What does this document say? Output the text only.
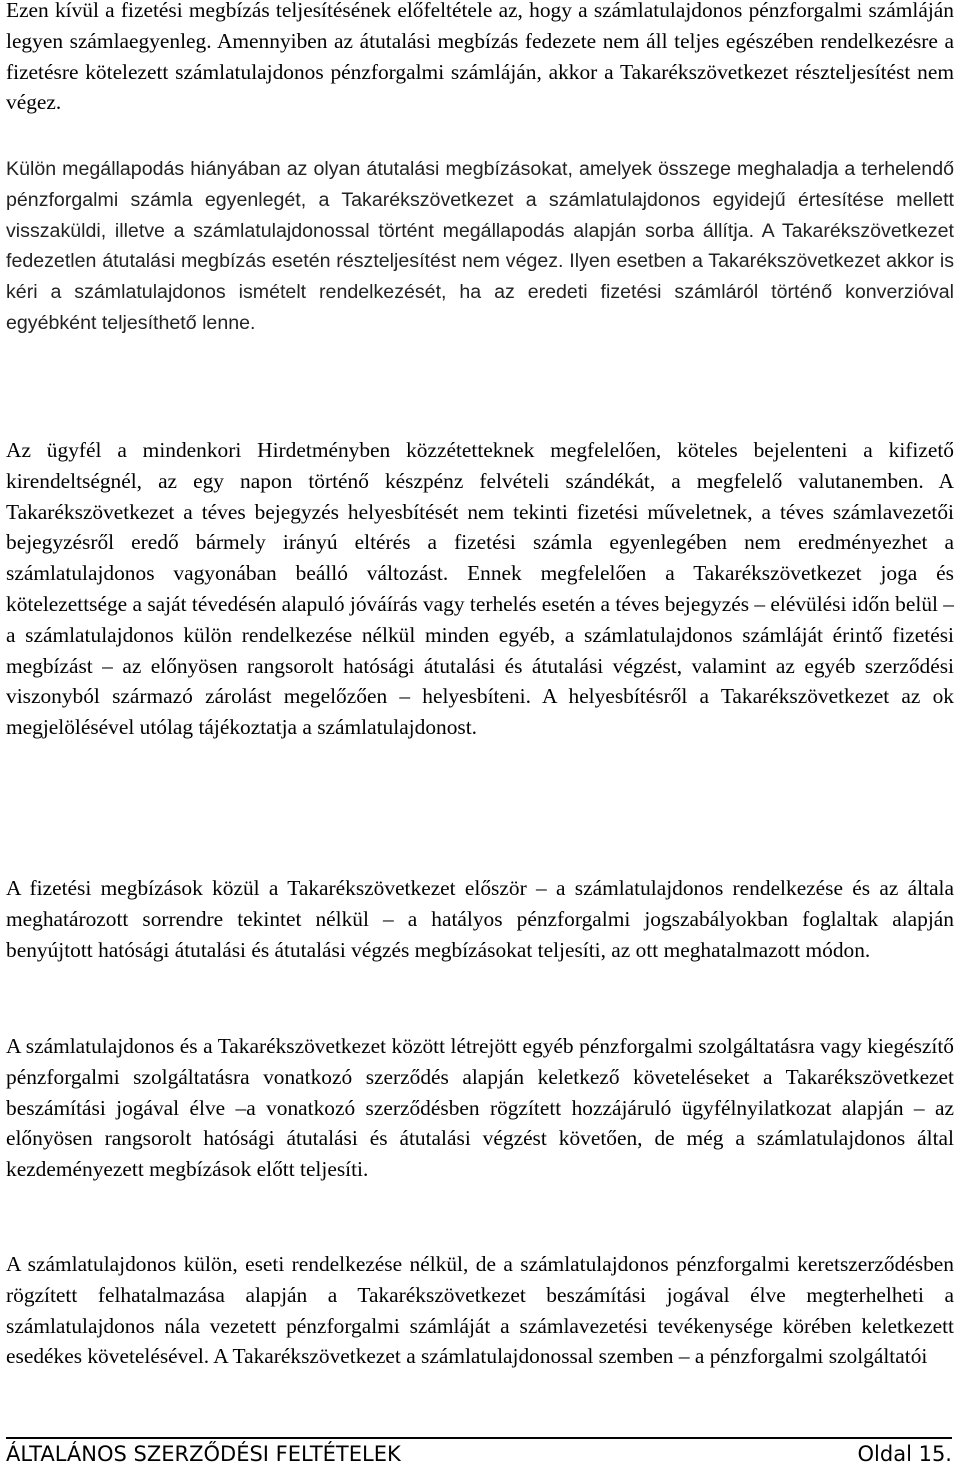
Ezen kívül a fizetési megbízás teljesítésének előfeltétele az, hogy a számlatulajdonos pénzforgalmi számláján legyen számlaegyenleg. Amennyiben az átutalási megbízás fedezete nem áll teljes egészében rendelkezésre a fizetésre kötelezett számlatulajdonos pénzforgalmi számláján, akkor a Takarékszövetkezet részteljesítést nem végez.

Külön megállapodás hiányában az olyan átutalási megbízásokat, amelyek összege meghaladja a terhelendő pénzforgalmi számla egyenlegét, a Takarékszövetkezet a számlatulajdonos egyidejű értesítése mellett visszaküldi, illetve a számlatulajdonossal történt megállapodás alapján sorba állítja. A Takarékszövetkezet fedezetlen átutalási megbízás esetén részteljesítést nem végez. Ilyen esetben a Takarékszövetkezet akkor is kéri a számlatulajdonos ismételt rendelkezését, ha az eredeti fizetési számláról történő konverzióval egyébként teljesíthető lenne.

Az ügyfél a mindenkori Hirdetményben közzétetteknek megfelelően, köteles bejelenteni a kifizető kirendeltségnél, az egy napon történő készpénz felvételi szándékát, a megfelelő valutanemben. A Takarékszövetkezet a téves bejegyzés helyesbítését nem tekinti fizetési műveletnek, a téves számlavezetői bejegyzésről eredő bármely irányú eltérés a fizetési számla egyenlegében nem eredményezhet a számlatulajdonos vagyonában beálló változást. Ennek megfelelően a Takarékszövetkezet joga és kötelezettsége a saját tévedésén alapuló jóváírás vagy terhelés esetén a téves bejegyzés – elévülési időn belül – a számlatulajdonos külön rendelkezése nélkül minden egyéb, a számlatulajdonos számláját érintő fizetési megbízást – az előnyösen rangsorolt hatósági átutalási és átutalási végzést, valamint az egyéb szerződési viszonyból származó zárolást megelőzően – helyesbíteni. A helyesbítésről a Takarékszövetkezet az ok megjelölésével utólag tájékoztatja a számlatulajdonost.

A fizetési megbízások közül a Takarékszövetkezet először – a számlatulajdonos rendelkezése és az általa meghatározott sorrendre tekintet nélkül – a hatályos pénzforgalmi jogszabályokban foglaltak alapján benyújtott hatósági átutalási és átutalási végzés megbízásokat teljesíti, az ott meghatalmazott módon.

A számlatulajdonos és a Takarékszövetkezet között létrejött egyéb pénzforgalmi szolgáltatásra vagy kiegészítő pénzforgalmi szolgáltatásra vonatkozó szerződés alapján keletkező követeléseket a Takarékszövetkezet beszámítási jogával élve –a vonatkozó szerződésben rögzített hozzájáruló ügyfélnyilatkozat alapján – az előnyösen rangsorolt hatósági átutalási és átutalási végzést követően, de még a számlatulajdonos által kezdeményezett megbízások előtt teljesíti.

A számlatulajdonos külön, eseti rendelkezése nélkül, de a számlatulajdonos pénzforgalmi keretszerződésben rögzített felhatalmazása alapján a Takarékszövetkezet beszámítási jogával élve megterhelheti a számlatulajdonos nála vezetett pénzforgalmi számláját a számlavezetési tevékenysége körében keletkezett esedékes követelésével. A Takarékszövetkezet a számlatulajdonossal szemben – a pénzforgalmi szolgáltatói

ÁLTALÁNOS SZERZŐDÉSI FELTÉTELEK	Oldal 15.
